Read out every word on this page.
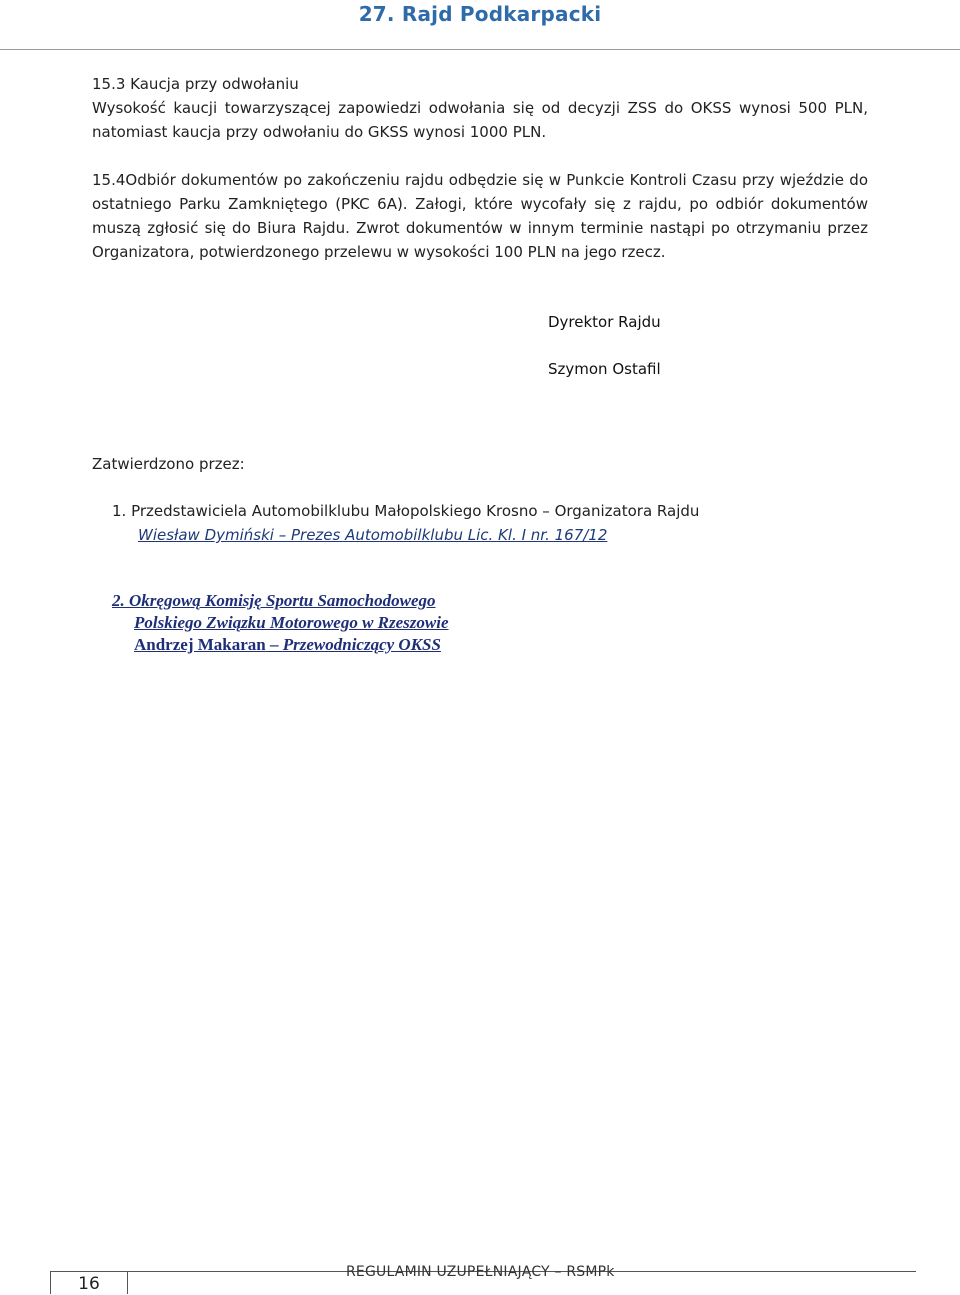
27. Rajd Podkarpacki

15.3 Kaucja przy odwołaniu

Wysokość kaucji towarzyszącej zapowiedzi odwołania się od decyzji ZSS do OKSS wynosi 500 PLN, natomiast kaucja przy odwołaniu do GKSS wynosi 1000 PLN.

15.4Odbiór dokumentów po zakończeniu rajdu odbędzie się w Punkcie Kontroli Czasu przy wjeździe do ostatniego Parku Zamkniętego (PKC 6A). Załogi, które wycofały się z rajdu, po odbiór dokumentów muszą zgłosić się do Biura Rajdu. Zwrot dokumentów w innym terminie nastąpi po otrzymaniu przez Organizatora, potwierdzonego przelewu w wysokości 100 PLN na jego rzecz.

Dyrektor Rajdu
Szymon Ostafil
Zatwierdzono przez:
1. Przedstawiciela Automobilklubu Małopolskiego Krosno – Organizatora Rajdu
Wiesław Dymiński – Prezes Automobilklubu Lic. Kl. I nr. 167/12
2. Okręgową Komisję Sportu Samochodowego
Polskiego Związku Motorowego w Rzeszowie
Andrzej Makaran – Przewodniczący OKSS
16
REGULAMIN UZUPEŁNIAJĄCY – RSMPk
